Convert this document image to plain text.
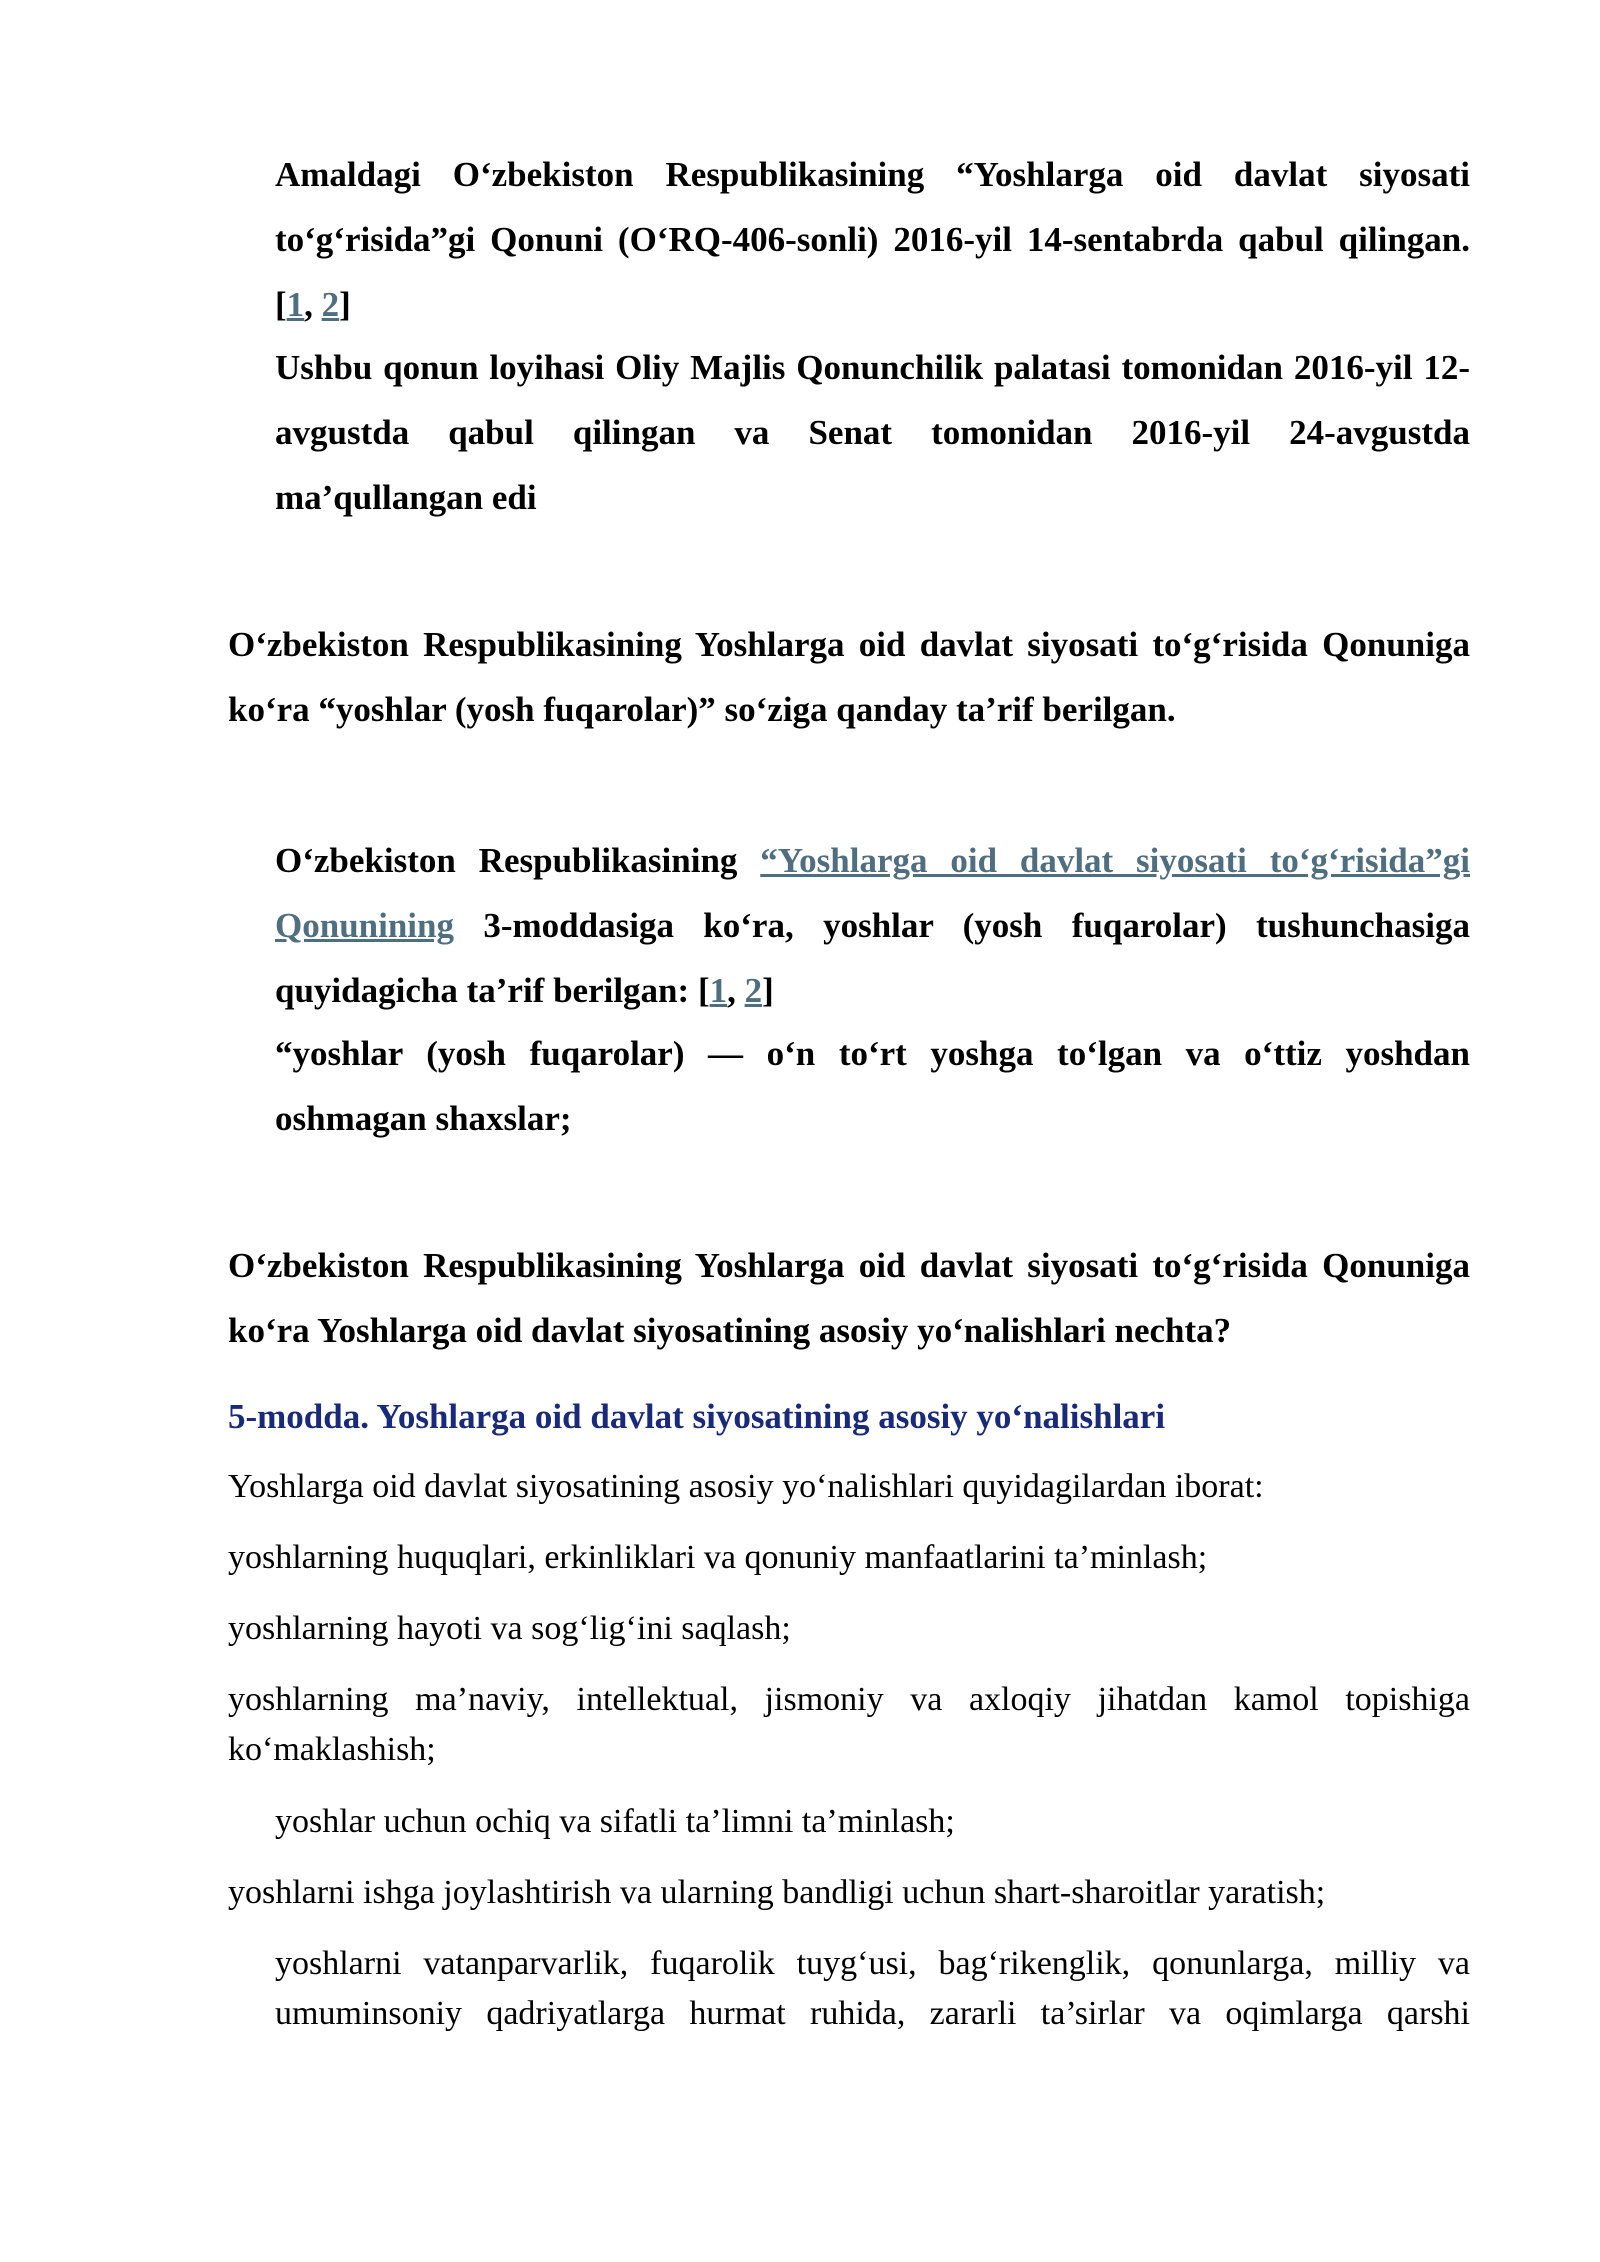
Amaldagi O‘zbekiston Respublikasining “Yoshlarga oid davlat siyosati to‘g‘risida”gi Qonuni (O‘RQ-406-sonli) 2016-yil 14-sentabrda qabul qilingan. [1, 2]

Ushbu qonun loyihasi Oliy Majlis Qonunchilik palatasi tomonidan 2016-yil 12-avgustda qabul qilingan va Senat tomonidan 2016-yil 24-avgustda ma’qullangan edi

O‘zbekiston Respublikasining Yoshlarga oid davlat siyosati to‘g‘risida Qonuniga ko‘ra “yoshlar (yosh fuqarolar)” so‘ziga qanday ta’rif berilgan.

O‘zbekiston Respublikasining “Yoshlarga oid davlat siyosati to‘g‘risida”gi Qonunining 3-moddasiga ko‘ra, yoshlar (yosh fuqarolar) tushunchasiga quyidagicha ta’rif berilgan: [1, 2]

“yoshlar (yosh fuqarolar) — o‘n to‘rt yoshga to‘lgan va o‘ttiz yoshdan oshmagan shaxslar;

O‘zbekiston Respublikasining Yoshlarga oid davlat siyosati to‘g‘risida Qonuniga ko‘ra Yoshlarga oid davlat siyosatining asosiy yo‘nalishlari nechta?

5-modda. Yoshlarga oid davlat siyosatining asosiy yo‘nalishlari

Yoshlarga oid davlat siyosatining asosiy yo‘nalishlari quyidagilardan iborat:

yoshlarning huquqlari, erkinliklari va qonuniy manfaatlarini ta’minlash;

yoshlarning hayoti va sog‘lig‘ini saqlash;

yoshlarning ma’naviy, intellektual, jismoniy va axloqiy jihatdan kamol topishiga ko‘maklashish;

yoshlar uchun ochiq va sifatli ta’limni ta’minlash;

yoshlarni ishga joylashtirish va ularning bandligi uchun shart-sharoitlar yaratish;

yoshlarni vatanparvarlik, fuqarolik tuyg‘usi, bag‘rikenglik, qonunlarga, milliy va umuminsoniy qadriyatlarga hurmat ruhida, zararli ta’sirlar va oqimlarga qarshi
